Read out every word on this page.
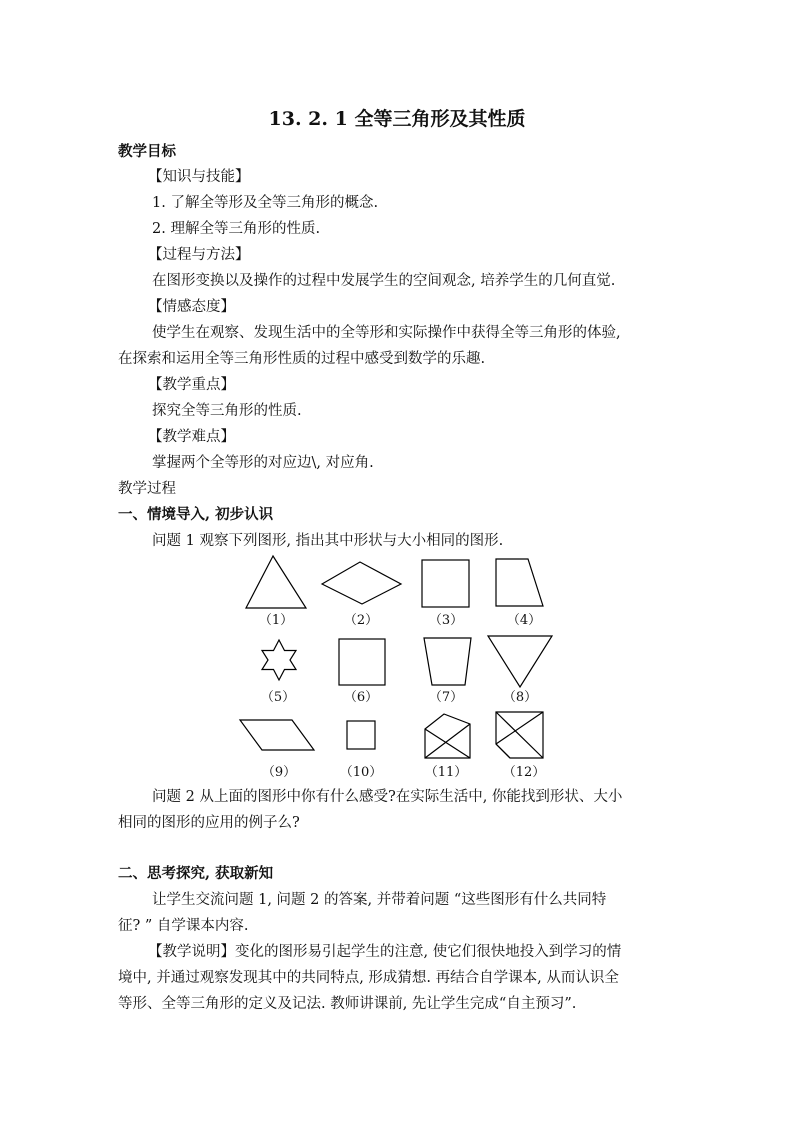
13. 2. 1 全等三角形及其性质
教学目标
【知识与技能】
1. 了解全等形及全等三角形的概念.
2. 理解全等三角形的性质.
【过程与方法】
在图形变换以及操作的过程中发展学生的空间观念, 培养学生的几何直觉.
【情感态度】
使学生在观察、发现生活中的全等形和实际操作中获得全等三角形的体验,
在探索和运用全等三角形性质的过程中感受到数学的乐趣.
【教学重点】
探究全等三角形的性质.
【教学难点】
掌握两个全等形的对应边\, 对应角.
教学过程
一、情境导入, 初步认识
问题 1 观察下列图形, 指出其中形状与大小相同的图形.
（1）	（2）	（3）	（4）
（5）	（6）	（7）	（8）
（9）	（10）	（11）	（12）
问题 2 从上面的图形中你有什么感受?在实际生活中, 你能找到形状、大小
相同的图形的应用的例子么?
二、思考探究, 获取新知
让学生交流问题 1, 问题 2 的答案, 并带着问题 “这些图形有什么共同特
征? ” 自学课本内容.
【教学说明】变化的图形易引起学生的注意, 使它们很快地投入到学习的情
境中, 并通过观察发现其中的共同特点, 形成猜想. 再结合自学课本, 从而认识全
等形、全等三角形的定义及记法. 教师讲课前, 先让学生完成“自主预习”.
